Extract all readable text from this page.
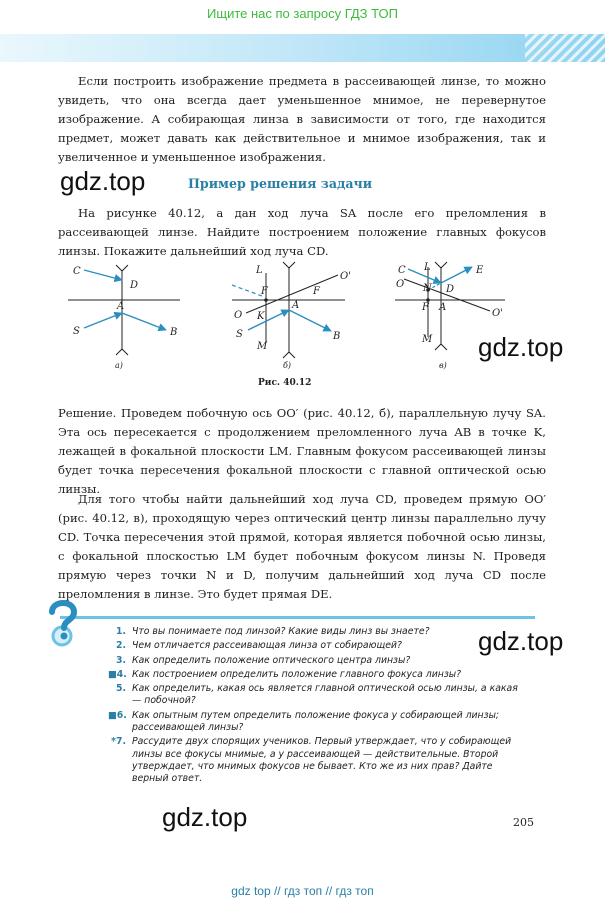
Ищите нас по запросу ГДЗ ТОП

Если построить изображение предмета в рассеивающей линзе, то можно увидеть, что она всегда дает уменьшенное мнимое, не перевернутое изображение. А собирающая линза в зависимости от того, где находится предмет, может давать как действительное и мнимое изображения, так и увеличенное и уменьшенное изображения.

gdz.top	Пример решения задачи

На рисунке 40.12, а дан ход луча SA после его преломления в рассеивающей линзе. Найдите построением положение главных фокусов линзы. Покажите дальнейший ход луча CD.

C
D
A
S	B
L
O'
F	F
A
O K
S
M
B
C L	E
O N D
F A
O'
M
а)	б)	в)
gdz.top
Рис. 40.12

Решение. Проведем побочную ось OO′ (рис. 40.12, б), параллельную лучу SA. Эта ось пересекается с продолжением преломленного луча AB в точке K, лежащей в фокальной плоскости LM. Главным фокусом рассеивающей линзы будет точка пересечения фокальной плоскости с главной оптической осью линзы.

Для того чтобы найти дальнейший ход луча CD, проведем прямую OO′ (рис. 40.12, в), проходящую через оптический центр линзы параллельно лучу CD. Точка пересечения этой прямой, которая является побочной осью линзы, с фокальной плоскостью LM будет побочным фокусом линзы N. Проведя прямую через точки N и D, получим дальнейший ход луча CD после преломления в линзе. Это будет прямая DE.

gdz.top
1. Что вы понимаете под линзой? Какие виды линз вы знаете?
2. Чем отличается рассеивающая линза от собирающей?
3. Как определить положение оптического центра линзы?
■4. Как построением определить положение главного фокуса линзы?
5. Как определить, какая ось является главной оптической осью линзы, а какая — побочной?
■6. Как опытным путем определить положение фокуса у собирающей линзы; рассеивающей линзы?
*7. Рассудите двух спорящих учеников. Первый утверждает, что у собирающей линзы все фокусы мнимые, а у рассеивающей — действительные. Второй утверждает, что мнимых фокусов не бывает. Кто же из них прав? Дайте верный ответ.
gdz.top	205
gdz top // гдз топ // гдз топ
